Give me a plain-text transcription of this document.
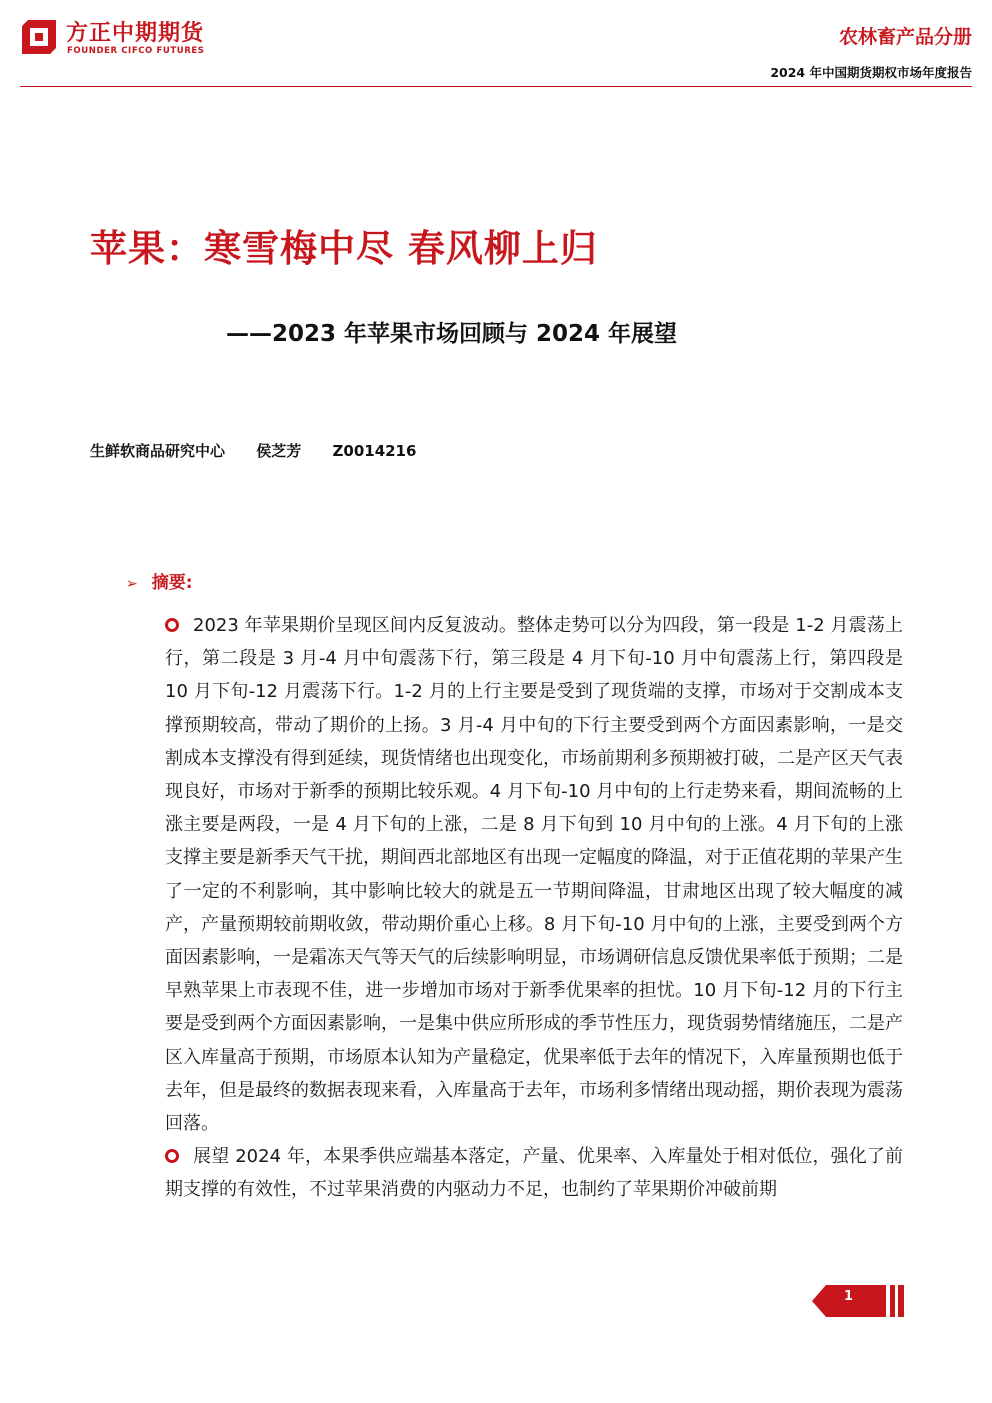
方正中期期货
FOUNDER CIFCO FUTURES
农林畜产品分册
2024 年中国期货期权市场年度报告
苹果：寒雪梅中尽 春风柳上归
——2023 年苹果市场回顾与 2024 年展望
生鲜软商品研究中心 侯芝芳 Z0014216
➢ 摘要:

2023 年苹果期价呈现区间内反复波动。整体走势可以分为四段，第一段是 1-2 月震荡上行，第二段是 3 月-4 月中旬震荡下行，第三段是 4 月下旬-10 月中旬震荡上行，第四段是 10 月下旬-12 月震荡下行。1-2 月的上行主要是受到了现货端的支撑，市场对于交割成本支撑预期较高，带动了期价的上扬。3 月-4 月中旬的下行主要受到两个方面因素影响，一是交割成本支撑没有得到延续，现货情绪也出现变化，市场前期利多预期被打破，二是产区天气表现良好，市场对于新季的预期比较乐观。4 月下旬-10 月中旬的上行走势来看，期间流畅的上涨主要是两段，一是 4 月下旬的上涨，二是 8 月下旬到 10 月中旬的上涨。4 月下旬的上涨支撑主要是新季天气干扰，期间西北部地区有出现一定幅度的降温，对于正值花期的苹果产生了一定的不利影响，其中影响比较大的就是五一节期间降温，甘肃地区出现了较大幅度的减产，产量预期较前期收敛，带动期价重心上移。8 月下旬-10 月中旬的上涨，主要受到两个方面因素影响，一是霜冻天气等天气的后续影响明显，市场调研信息反馈优果率低于预期；二是早熟苹果上市表现不佳，进一步增加市场对于新季优果率的担忧。10 月下旬-12 月的下行主要是受到两个方面因素影响，一是集中供应所形成的季节性压力，现货弱势情绪施压，二是产区入库量高于预期，市场原本认知为产量稳定，优果率低于去年的情况下，入库量预期也低于去年，但是最终的数据表现来看，入库量高于去年，市场利多情绪出现动摇，期价表现为震荡回落。

展望 2024 年，本果季供应端基本落定，产量、优果率、入库量处于相对低位，强化了前期支撑的有效性，不过苹果消费的内驱动力不足，也制约了苹果期价冲破前期

1
